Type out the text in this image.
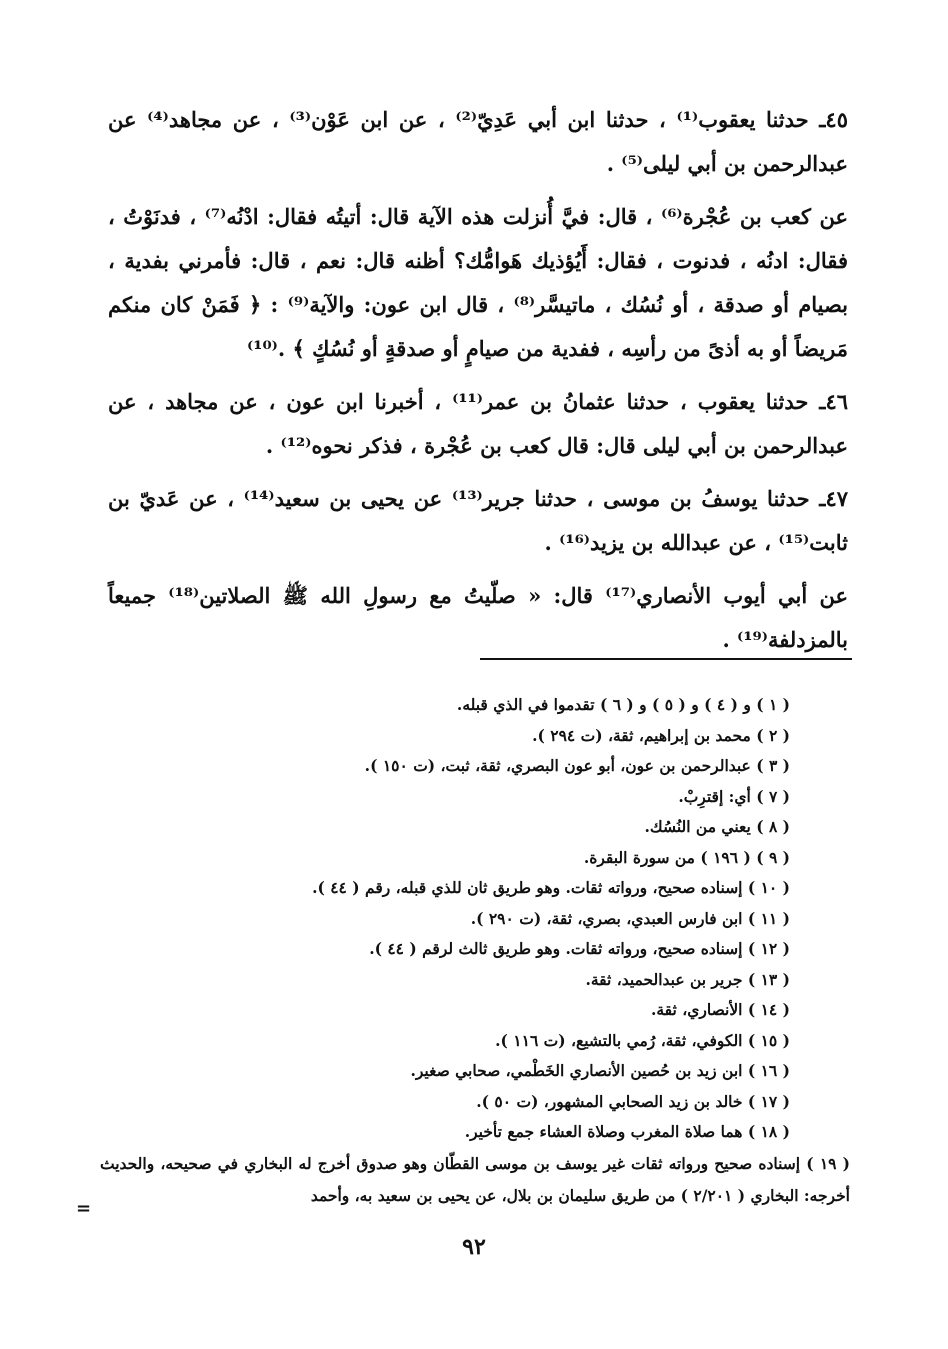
٤٥ـ حدثنا يعقوب⁽¹⁾ ، حدثنا ابن أبي عَدِيّ⁽²⁾ ، عن ابن عَوْن⁽³⁾ ، عن مجاهد⁽⁴⁾ عن عبدالرحمن بن أبي ليلى⁽⁵⁾ .

عن كعب بن عُجْرة⁽⁶⁾ ، قال: فيَّ أُنزلت هذه الآية قال: أتيتُه فقال: ادْنُه⁽⁷⁾ ، فدنَوْتُ ، فقال: ادنُه ، فدنوت ، فقال: أَيُؤذيك هَوامُّك؟ أظنه قال: نعم ، قال: فأمرني بفدية ، بصيام أو صدقة ، أو نُسُك ، ماتيسَّر⁽⁸⁾ ، قال ابن عون: والآية⁽⁹⁾ : ﴿ فَمَنْ كان منكم مَريضاً أو به أذىً من رأسِه ، ففدية من صيامٍ أو صدقةٍ أو نُسُكٍ ﴾ .⁽¹⁰⁾

٤٦ـ حدثنا يعقوب ، حدثنا عثمانُ بن عمر⁽¹¹⁾ ، أخبرنا ابن عون ، عن مجاهد ، عن عبدالرحمن بن أبي ليلى قال: قال كعب بن عُجْرة ، فذكر نحوه⁽¹²⁾ .

٤٧ـ حدثنا يوسفُ بن موسى ، حدثنا جرير⁽¹³⁾ عن يحيى بن سعيد⁽¹⁴⁾ ، عن عَديّ بن ثابت⁽¹⁵⁾ ، عن عبدالله بن يزيد⁽¹⁶⁾ .

عن أبي أيوب الأنصاري⁽¹⁷⁾ قال: « صلّيتُ مع رسولِ الله ﷺ الصلاتين⁽¹⁸⁾ جميعاً بالمزدلفة⁽¹⁹⁾ .

( ١ ) و ( ٤ ) و ( ٥ ) و ( ٦ ) تقدموا في الذي قبله.
( ٢ ) محمد بن إبراهيم، ثقة، (ت ٢٩٤ ).
( ٣ ) عبدالرحمن بن عون، أبو عون البصري، ثقة، ثبت، (ت ١٥٠ ).
( ٧ ) أي: إقترِبْ.
( ٨ ) يعني من النُسُك.
( ٩ ) ( ١٩٦ ) من سورة البقرة.
( ١٠ ) إسناده صحيح، ورواته ثقات. وهو طريق ثان للذي قبله، رقم ( ٤٤ ).
( ١١ ) ابن فارس العبدي، بصري، ثقة، (ت ٢٩٠ ).
( ١٢ ) إسناده صحيح، ورواته ثقات. وهو طريق ثالث لرقم ( ٤٤ ).
( ١٣ ) جرير بن عبدالحميد، ثقة.
( ١٤ ) الأنصاري، ثقة.
( ١٥ ) الكوفي، ثقة، رُمي بالتشيع، (ت ١١٦ ).
( ١٦ ) ابن زيد بن حُصين الأنصاري الخَطْمي، صحابي صغير.
( ١٧ ) خالد بن زيد الصحابي المشهور، (ت ٥٠ ).
( ١٨ ) هما صلاة المغرب وصلاة العشاء جمع تأخير.
( ١٩ ) إسناده صحيح ورواته ثقات غير يوسف بن موسى القطّان وهو صدوق أخرج له البخاري في صحيحه، والحديث أخرجه: البخاري ( ٢/٢٠١ ) من طريق سليمان بن بلال، عن يحيى بن سعيد به، وأحمد
=
٩٢
